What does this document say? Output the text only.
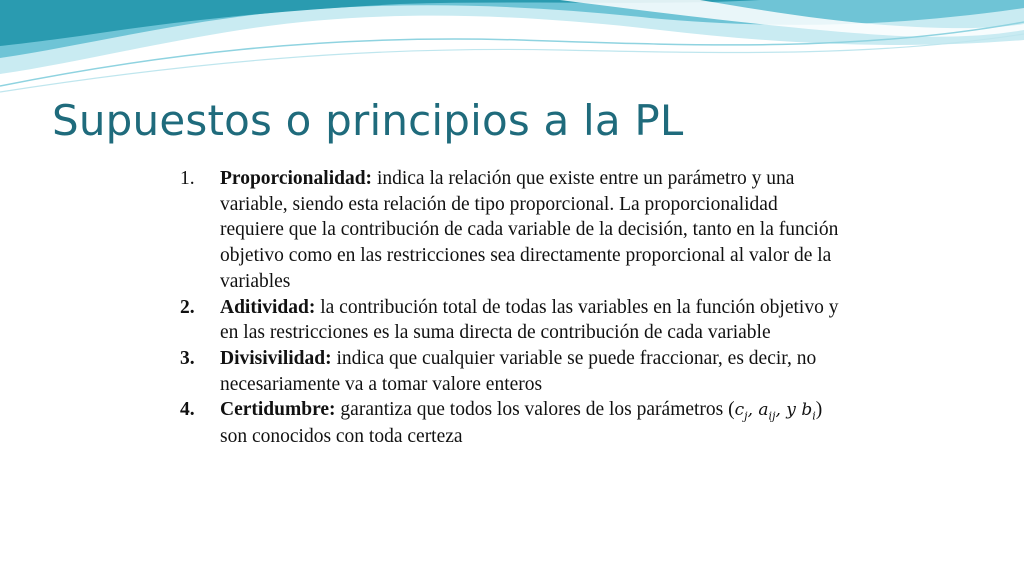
Supuestos o principios a la PL
1. Proporcionalidad: indica la relación que existe entre un parámetro y una variable, siendo esta relación de tipo proporcional. La proporcionalidad requiere que la contribución de cada variable de la decisión, tanto en la función objetivo como en las restricciones sea directamente proporcional al valor de la variables
2. Aditividad: la contribución total de todas las variables en la función objetivo y en las restricciones es la suma directa de contribución de cada variable
3. Divisivilidad: indica que cualquier variable se puede fraccionar, es decir, no necesariamente va a tomar valore enteros
4. Certidumbre: garantiza que todos los valores de los parámetros ($c_j$, $a_{ij}$, y $b_i$) son conocidos con toda certeza
